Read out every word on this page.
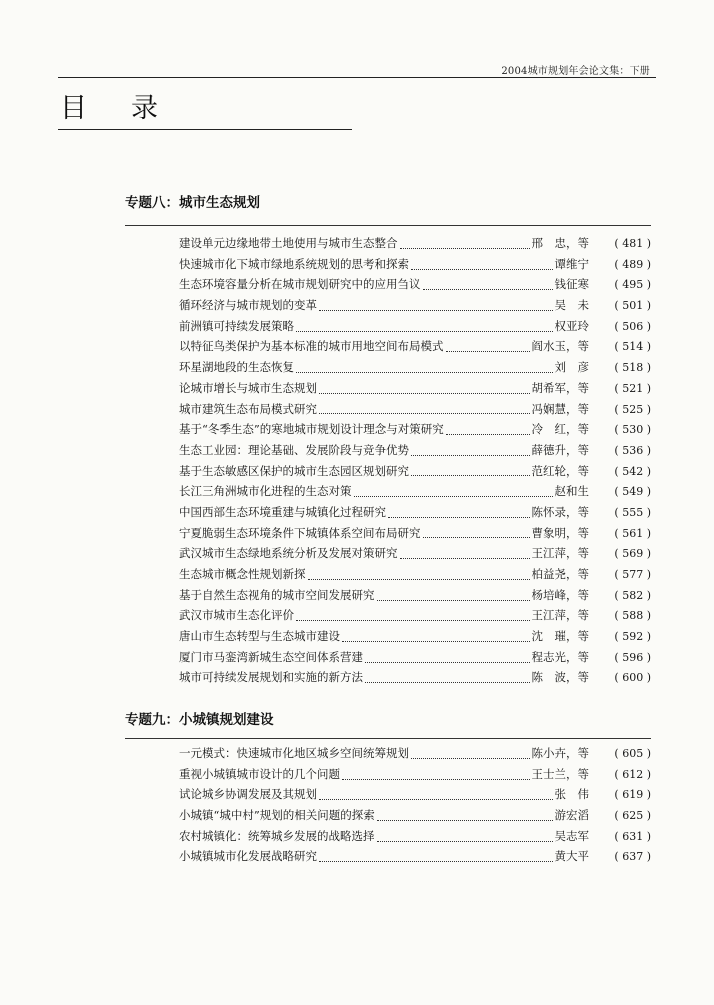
2004城市规划年会论文集：下册
目录
专题八：城市生态规划
建设单元边缘地带土地使用与城市生态整合	邢　忠，等	( 481 )
快速城市化下城市绿地系统规划的思考和探索	谭维宁	( 489 )
生态环境容量分析在城市规划研究中的应用刍议	钱征寒	( 495 )
循环经济与城市规划的变革	吴　未	( 501 )
前洲镇可持续发展策略	权亚玲	( 506 )
以特征鸟类保护为基本标准的城市用地空间布局模式	阎水玉，等	( 514 )
环星湖地段的生态恢复	刘　彦	( 518 )
论城市增长与城市生态规划	胡希军，等	( 521 )
城市建筑生态布局模式研究	冯娴慧，等	( 525 )
基于“冬季生态”的寒地城市规划设计理念与对策研究	冷　红，等	( 530 )
生态工业园：理论基础、发展阶段与竞争优势	薛德升，等	( 536 )
基于生态敏感区保护的城市生态园区规划研究	范红轮，等	( 542 )
长江三角洲城市化进程的生态对策	赵和生	( 549 )
中国西部生态环境重建与城镇化过程研究	陈怀录，等	( 555 )
宁夏脆弱生态环境条件下城镇体系空间布局研究	曹象明，等	( 561 )
武汉城市生态绿地系统分析及发展对策研究	王江萍，等	( 569 )
生态城市概念性规划新探	柏益尧，等	( 577 )
基于自然生态视角的城市空间发展研究	杨培峰，等	( 582 )
武汉市城市生态化评价	王江萍，等	( 588 )
唐山市生态转型与生态城市建设	沈　璀，等	( 592 )
厦门市马銮湾新城生态空间体系营建	程志光，等	( 596 )
城市可持续发展规划和实施的新方法	陈　波，等	( 600 )
专题九：小城镇规划建设
一元模式：快速城市化地区城乡空间统筹规划	陈小卉，等	( 605 )
重视小城镇城市设计的几个问题	王士兰，等	( 612 )
试论城乡协调发展及其规划	张　伟	( 619 )
小城镇“城中村”规划的相关问题的探索	游宏滔	( 625 )
农村城镇化：统筹城乡发展的战略选择	吴志军	( 631 )
小城镇城市化发展战略研究	黄大平	( 637 )
